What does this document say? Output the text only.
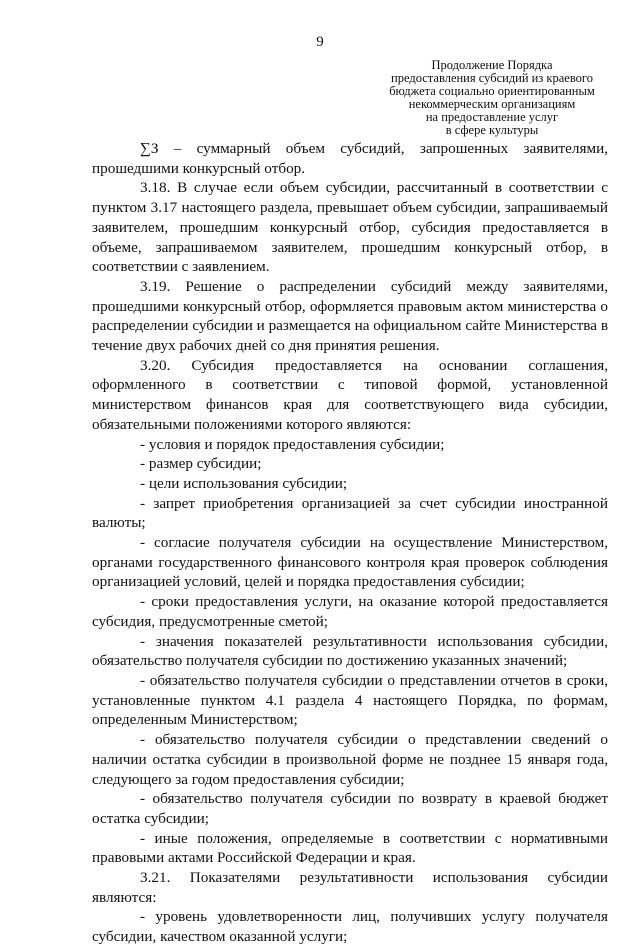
9
Продолжение Порядка
предоставления субсидий из краевого
бюджета социально ориентированным
некоммерческим организациям
на предоставление услуг
в сфере культуры

∑З – суммарный объем субсидий, запрошенных заявителями, прошедшими конкурсный отбор.

3.18. В случае если объем субсидии, рассчитанный в соответствии с пунктом 3.17 настоящего раздела, превышает объем субсидии, запрашиваемый заявителем, прошедшим конкурсный отбор, субсидия предоставляется в объеме, запрашиваемом заявителем, прошедшим конкурсный отбор, в соответствии с заявлением.

3.19. Решение о распределении субсидий между заявителями, прошедшими конкурсный отбор, оформляется правовым актом министерства о распределении субсидии и размещается на официальном сайте Министерства в течение двух рабочих дней со дня принятия решения.

3.20. Субсидия предоставляется на основании соглашения, оформленного в соответствии с типовой формой, установленной министерством финансов края для соответствующего вида субсидии, обязательными положениями которого являются:

- условия и порядок предоставления субсидии;

- размер субсидии;

- цели использования субсидии;

- запрет приобретения организацией за счет субсидии иностранной валюты;

- согласие получателя субсидии на осуществление Министерством, органами государственного финансового контроля края проверок соблюдения организацией условий, целей и порядка предоставления субсидии;

- сроки предоставления услуги, на оказание которой предоставляется субсидия, предусмотренные сметой;

- значения показателей результативности использования субсидии, обязательство получателя субсидии по достижению указанных значений;

- обязательство получателя субсидии о представлении отчетов в сроки, установленные пунктом 4.1 раздела 4 настоящего Порядка, по формам, определенным Министерством;

- обязательство получателя субсидии о представлении сведений о наличии остатка субсидии в произвольной форме не позднее 15 января года, следующего за годом предоставления субсидии;

- обязательство получателя субсидии по возврату в краевой бюджет остатка субсидии;

- иные положения, определяемые в соответствии с нормативными правовыми актами Российской Федерации и края.

3.21. Показателями результативности использования субсидии являются:

- уровень удовлетворенности лиц, получивших услугу получателя субсидии, качеством оказанной услуги;
